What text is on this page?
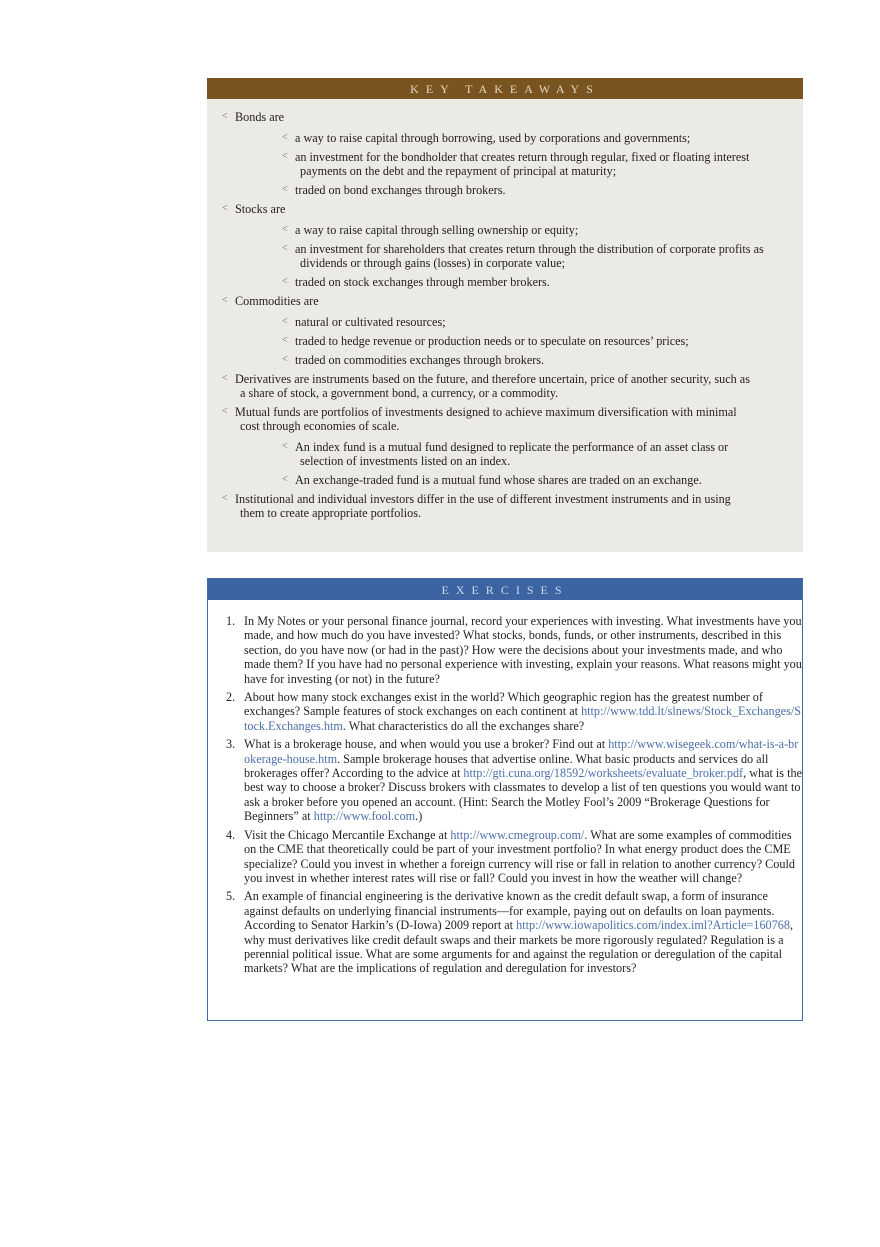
KEY TAKEAWAYS
< Bonds are
< a way to raise capital through borrowing, used by corporations and governments;
< an investment for the bondholder that creates return through regular, fixed or floating interest
payments on the debt and the repayment of principal at maturity;
< traded on bond exchanges through brokers.
< Stocks are
< a way to raise capital through selling ownership or equity;
< an investment for shareholders that creates return through the distribution of corporate profits as
dividends or through gains (losses) in corporate value;
< traded on stock exchanges through member brokers.
< Commodities are
< natural or cultivated resources;
< traded to hedge revenue or production needs or to speculate on resources’ prices;
< traded on commodities exchanges through brokers.
< Derivatives are instruments based on the future, and therefore uncertain, price of another security, such as
a share of stock, a government bond, a currency, or a commodity.
< Mutual funds are portfolios of investments designed to achieve maximum diversification with minimal
cost through economies of scale.
< An index fund is a mutual fund designed to replicate the performance of an asset class or
selection of investments listed on an index.
< An exchange-traded fund is a mutual fund whose shares are traded on an exchange.
< Institutional and individual investors differ in the use of different investment instruments and in using
them to create appropriate portfolios.
EXERCISES
1. In My Notes or your personal finance journal, record your experiences with investing. What investments have you made, and how much do you have invested? What stocks, bonds, funds, or other instruments, described in this section, do you have now (or had in the past)? How were the decisions about your investments made, and who made them? If you have had no personal experience with investing, explain your reasons. What reasons might you have for investing (or not) in the future?
2. About how many stock exchanges exist in the world? Which geographic region has the greatest number of exchanges? Sample features of stock exchanges on each continent at http://www.tdd.lt/slnews/Stock_Exchanges/Stock.Exchanges.htm. What characteristics do all the exchanges share?
3. What is a brokerage house, and when would you use a broker? Find out at http://www.wisegeek.com/what-is-a-brokerage-house.htm. Sample brokerage houses that advertise online. What basic products and services do all brokerages offer? According to the advice at http://gti.cuna.org/18592/worksheets/evaluate_broker.pdf, what is the best way to choose a broker? Discuss brokers with classmates to develop a list of ten questions you would want to ask a broker before you opened an account. (Hint: Search the Motley Fool’s 2009 “Brokerage Questions for Beginners” at http://www.fool.com.)
4. Visit the Chicago Mercantile Exchange at http://www.cmegroup.com/. What are some examples of commodities on the CME that theoretically could be part of your investment portfolio? In what energy product does the CME specialize? Could you invest in whether a foreign currency will rise or fall in relation to another currency? Could you invest in whether interest rates will rise or fall? Could you invest in how the weather will change?
5. An example of financial engineering is the derivative known as the credit default swap, a form of insurance against defaults on underlying financial instruments—for example, paying out on defaults on loan payments. According to Senator Harkin’s (D-Iowa) 2009 report at http://www.iowapolitics.com/index.iml?Article=160768, why must derivatives like credit default swaps and their markets be more rigorously regulated? Regulation is a perennial political issue. What are some arguments for and against the regulation or deregulation of the capital markets? What are the implications of regulation and deregulation for investors?
